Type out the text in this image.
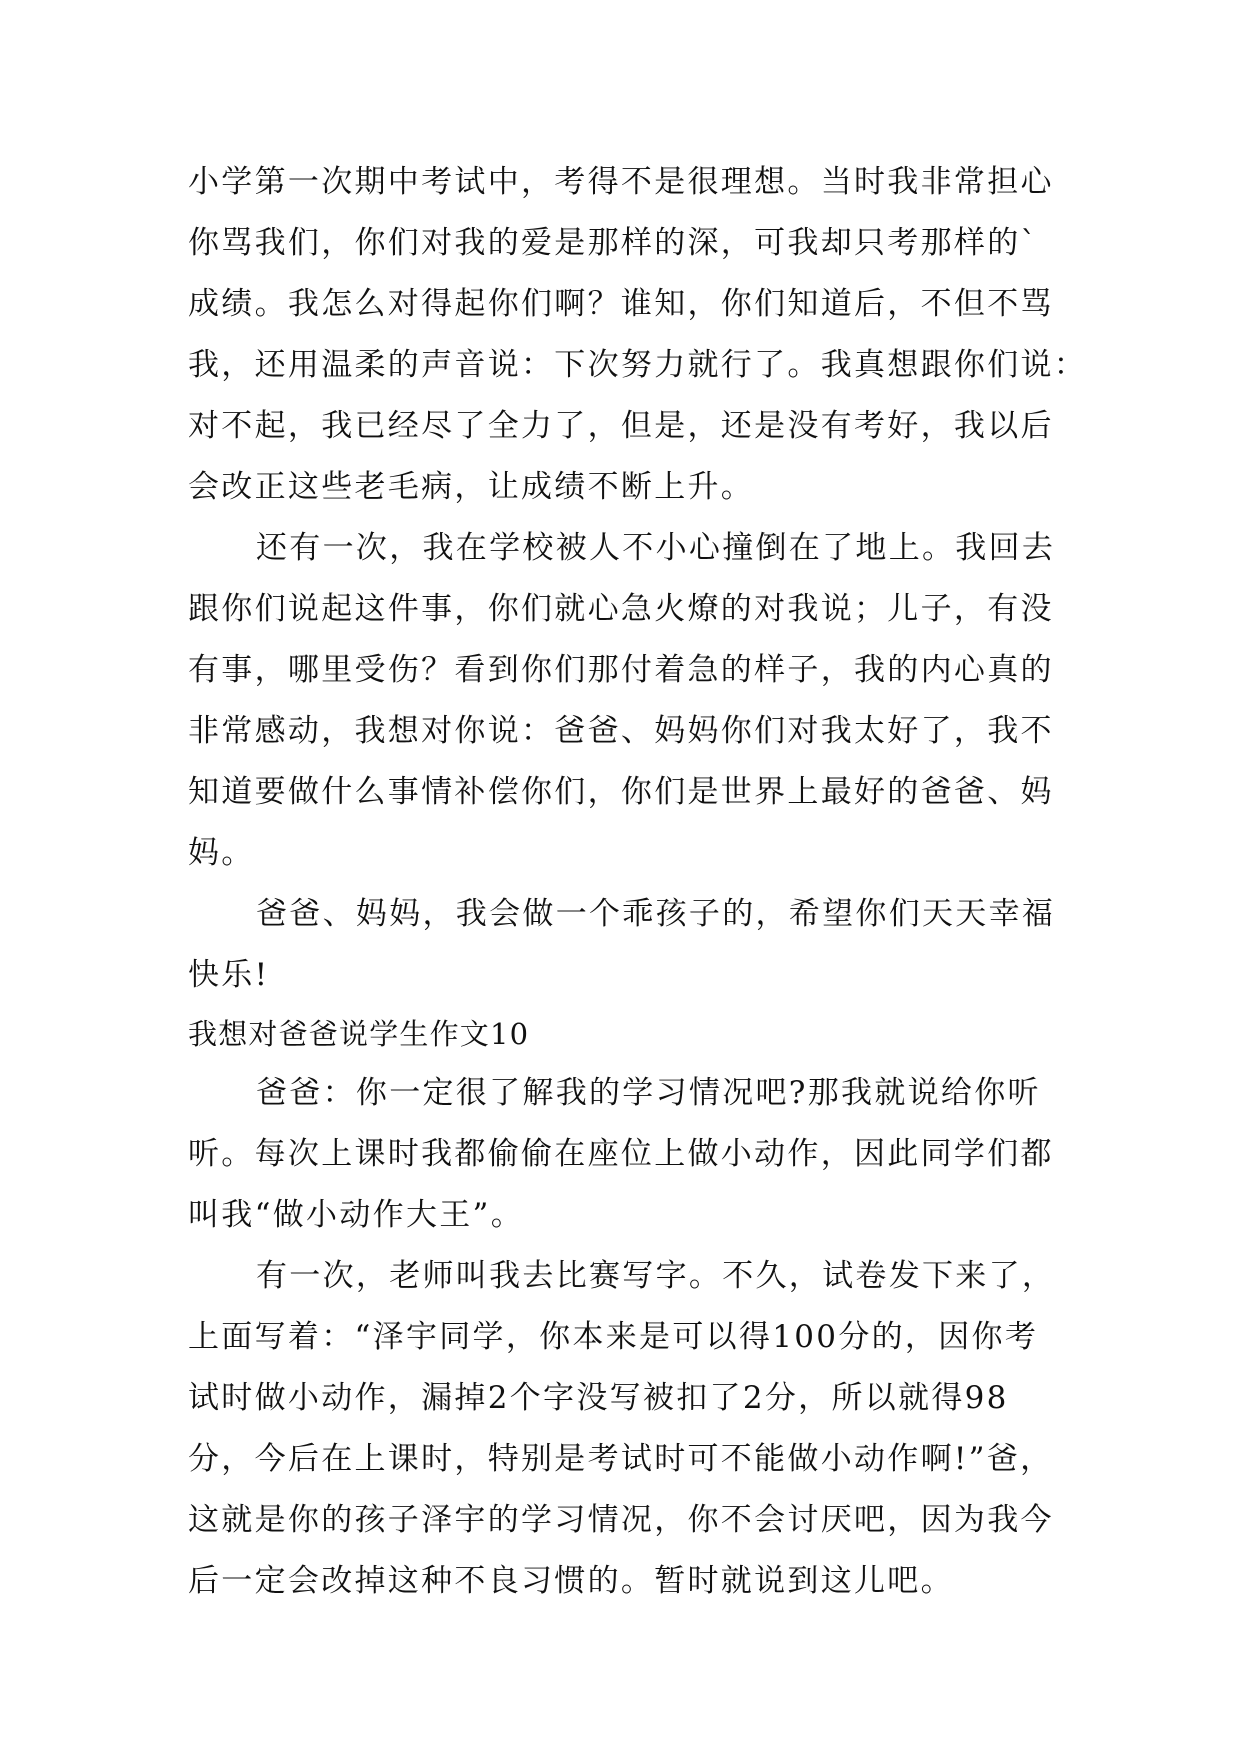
小学第一次期中考试中，考得不是很理想。当时我非常担心
你骂我们，你们对我的爱是那样的深，可我却只考那样的`
成绩。我怎么对得起你们啊？谁知，你们知道后，不但不骂
我，还用温柔的声音说：下次努力就行了。我真想跟你们说：
对不起，我已经尽了全力了，但是，还是没有考好，我以后
会改正这些老毛病，让成绩不断上升。
还有一次，我在学校被人不小心撞倒在了地上。我回去
跟你们说起这件事，你们就心急火燎的对我说；儿子，有没
有事，哪里受伤？看到你们那付着急的样子，我的内心真的
非常感动，我想对你说：爸爸、妈妈你们对我太好了，我不
知道要做什么事情补偿你们，你们是世界上最好的爸爸、妈
妈。
爸爸、妈妈，我会做一个乖孩子的，希望你们天天幸福
快乐!
我想对爸爸说学生作文10
爸爸：你一定很了解我的学习情况吧?那我就说给你听
听。每次上课时我都偷偷在座位上做小动作，因此同学们都
叫我“做小动作大王”。
有一次，老师叫我去比赛写字。不久，试卷发下来了，
上面写着：“泽宇同学，你本来是可以得100分的，因你考
试时做小动作，漏掉2个字没写被扣了2分，所以就得98
分，今后在上课时，特别是考试时可不能做小动作啊!”爸，
这就是你的孩子泽宇的学习情况，你不会讨厌吧，因为我今
后一定会改掉这种不良习惯的。暂时就说到这儿吧。
